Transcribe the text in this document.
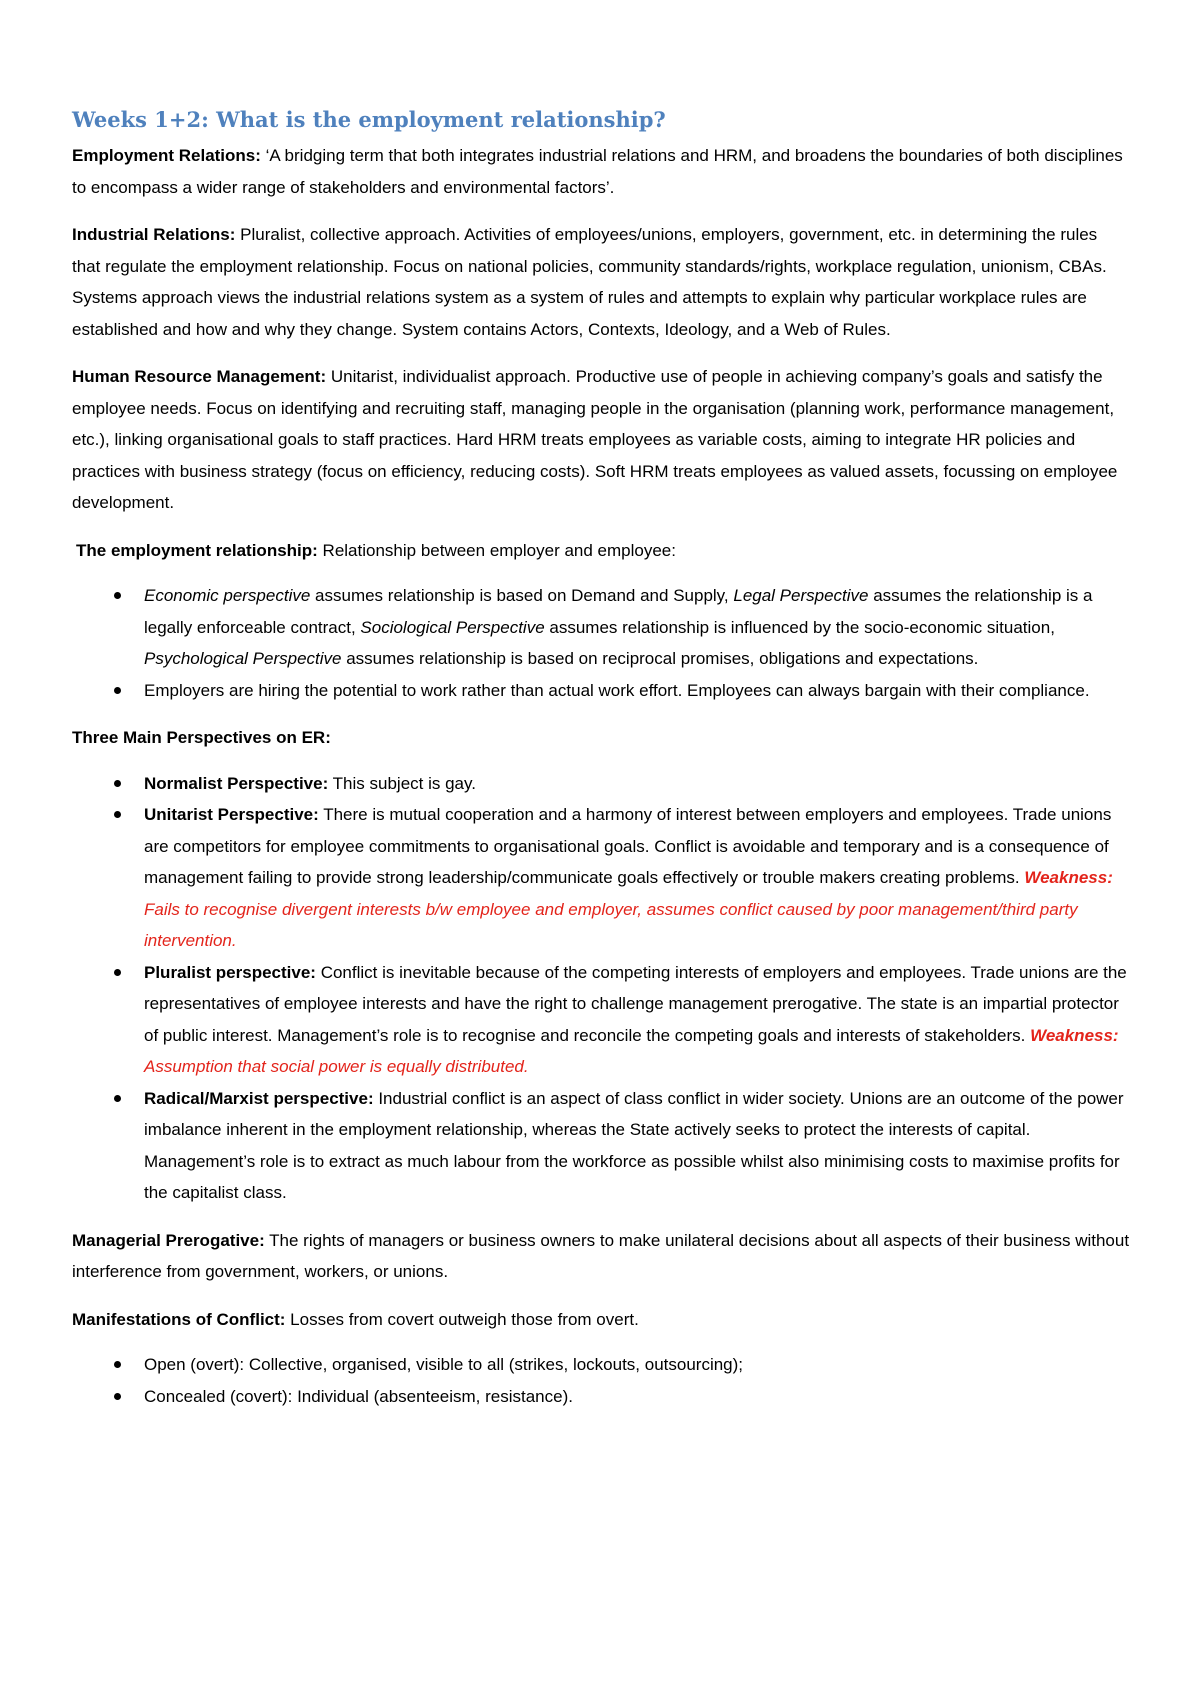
Weeks 1+2: What is the employment relationship?

Employment Relations: ‘A bridging term that both integrates industrial relations and HRM, and broadens the boundaries of both disciplines to encompass a wider range of stakeholders and environmental factors’.

Industrial Relations: Pluralist, collective approach. Activities of employees/unions, employers, government, etc. in determining the rules that regulate the employment relationship. Focus on national policies, community standards/rights, workplace regulation, unionism, CBAs. Systems approach views the industrial relations system as a system of rules and attempts to explain why particular workplace rules are established and how and why they change. System contains Actors, Contexts, Ideology, and a Web of Rules.

Human Resource Management: Unitarist, individualist approach. Productive use of people in achieving company’s goals and satisfy the employee needs. Focus on identifying and recruiting staff, managing people in the organisation (planning work, performance management, etc.), linking organisational goals to staff practices. Hard HRM treats employees as variable costs, aiming to integrate HR policies and practices with business strategy (focus on efficiency, reducing costs). Soft HRM treats employees as valued assets, focussing on employee development.

The employment relationship: Relationship between employer and employee:

Economic perspective assumes relationship is based on Demand and Supply, Legal Perspective assumes the relationship is a legally enforceable contract, Sociological Perspective assumes relationship is influenced by the socio-economic situation, Psychological Perspective assumes relationship is based on reciprocal promises, obligations and expectations.
Employers are hiring the potential to work rather than actual work effort. Employees can always bargain with their compliance.

Three Main Perspectives on ER:

Normalist Perspective: This subject is gay.
Unitarist Perspective: There is mutual cooperation and a harmony of interest between employers and employees. Trade unions are competitors for employee commitments to organisational goals. Conflict is avoidable and temporary and is a consequence of management failing to provide strong leadership/communicate goals effectively or trouble makers creating problems. Weakness: Fails to recognise divergent interests b/w employee and employer, assumes conflict caused by poor management/third party intervention.
Pluralist perspective: Conflict is inevitable because of the competing interests of employers and employees. Trade unions are the representatives of employee interests and have the right to challenge management prerogative. The state is an impartial protector of public interest. Management’s role is to recognise and reconcile the competing goals and interests of stakeholders. Weakness: Assumption that social power is equally distributed.
Radical/Marxist perspective: Industrial conflict is an aspect of class conflict in wider society. Unions are an outcome of the power imbalance inherent in the employment relationship, whereas the State actively seeks to protect the interests of capital. Management’s role is to extract as much labour from the workforce as possible whilst also minimising costs to maximise profits for the capitalist class.

Managerial Prerogative: The rights of managers or business owners to make unilateral decisions about all aspects of their business without interference from government, workers, or unions.

Manifestations of Conflict: Losses from covert outweigh those from overt.

Open (overt): Collective, organised, visible to all (strikes, lockouts, outsourcing);
Concealed (covert): Individual (absenteeism, resistance).
